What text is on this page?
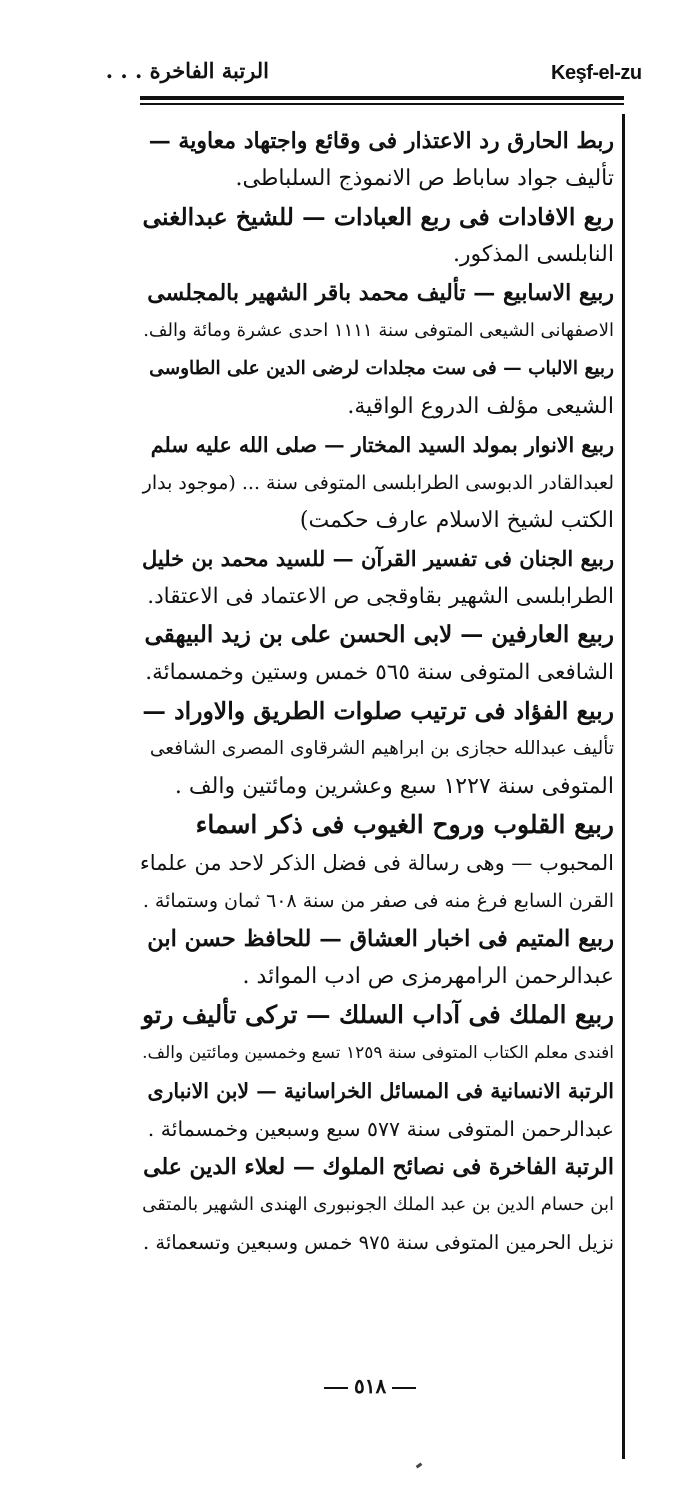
Keşf-el-zu
الرتبة الفاخرة . . .
ربط الحارق رد الاعتذار فى وقائع واجتهاد معاوية —
تأليف جواد ساباط ص الانموذج السلباطى.
ربع الافادات فى ربع العبادات — للشيخ عبدالغنى
النابلسى المذكور.
ربيع الاسابيع — تأليف محمد باقر الشهير بالمجلسى
الاصفهانى الشيعى المتوفى سنة ١١١١ احدى عشرة ومائة والف.
ربيع الالباب — فى ست مجلدات لرضى الدين على الطاوسى
الشيعى مؤلف الدروع الواقية.
ربيع الانوار بمولد السيد المختار — صلى الله عليه سلم
لعبدالقادر الدبوسى الطرابلسى المتوفى سنة ... (موجود بدار
الكتب لشيخ الاسلام عارف حكمت)
ربيع الجنان فى تفسير القرآن — للسيد محمد بن خليل
الطرابلسى الشهير بقاوقجى ص الاعتماد فى الاعتقاد.
ربيع العارفين — لابى الحسن على بن زيد البيهقى
الشافعى المتوفى سنة ٥٦٥ خمس وستين وخمسمائة.
ربيع الفؤاد فى ترتيب صلوات الطريق والاوراد —
تأليف عبدالله حجازى بن ابراهيم الشرقاوى المصرى الشافعى
المتوفى سنة ١٢٢٧ سبع وعشرين ومائتين والف .
ربيع القلوب وروح الغيوب فى ذكر اسماء
المحبوب — وهى رسالة فى فضل الذكر لاحد من علماء
القرن السابع فرغ منه فى صفر من سنة ٦٠٨ ثمان وستمائة .
ربيع المتيم فى اخبار العشاق — للحافظ حسن ابن
عبدالرحمن الرامهرمزى ص ادب الموائد .
ربيع الملك فى آداب السلك — تركى تأليف رتو
افندى معلم الكتاب المتوفى سنة ١٢٥٩ تسع وخمسين ومائتين والف.
الرتبة الانسانية فى المسائل الخراسانية — لابن الانبارى
عبدالرحمن المتوفى سنة ٥٧٧ سبع وسبعين وخمسمائة .
الرتبة الفاخرة فى نصائح الملوك — لعلاء الدين على
ابن حسام الدين بن عبد الملك الجونبورى الهندى الشهير بالمتقى
نزيل الحرمين المتوفى سنة ٩٧٥ خمس وسبعين وتسعمائة .
٥١٨
